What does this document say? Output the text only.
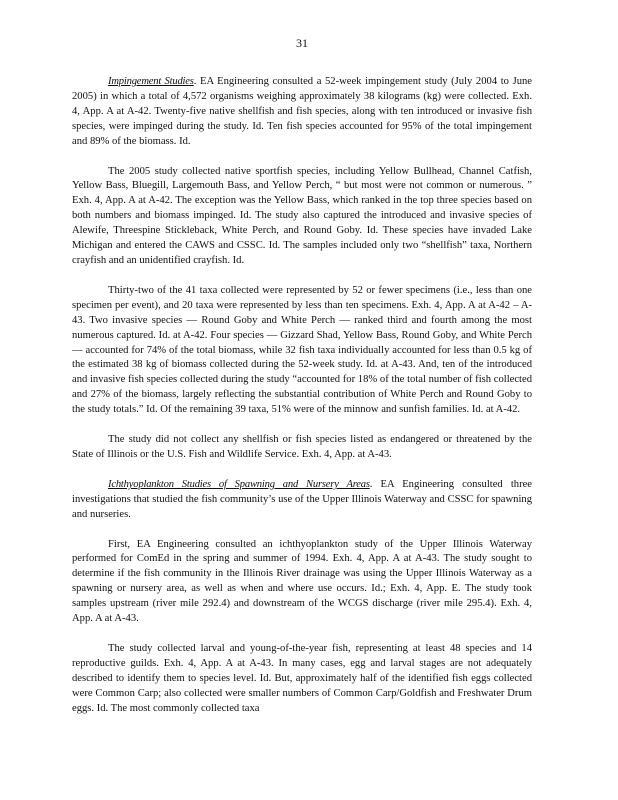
31

Impingement Studies. EA Engineering consulted a 52-week impingement study (July 2004 to June 2005) in which a total of 4,572 organisms weighing approximately 38 kilograms (kg) were collected. Exh. 4, App. A at A-42. Twenty-five native shellfish and fish species, along with ten introduced or invasive fish species, were impinged during the study. Id. Ten fish species accounted for 95% of the total impingement and 89% of the biomass. Id.

The 2005 study collected native sportfish species, including Yellow Bullhead, Channel Catfish, Yellow Bass, Bluegill, Largemouth Bass, and Yellow Perch, “ but most were not common or numerous. ” Exh. 4, App. A at A-42. The exception was the Yellow Bass, which ranked in the top three species based on both numbers and biomass impinged. Id. The study also captured the introduced and invasive species of Alewife, Threespine Stickleback, White Perch, and Round Goby. Id. These species have invaded Lake Michigan and entered the CAWS and CSSC. Id. The samples included only two “shellfish” taxa, Northern crayfish and an unidentified crayfish. Id.

Thirty-two of the 41 taxa collected were represented by 52 or fewer specimens (i.e., less than one specimen per event), and 20 taxa were represented by less than ten specimens. Exh. 4, App. A at A-42 – A-43. Two invasive species — Round Goby and White Perch — ranked third and fourth among the most numerous captured. Id. at A-42. Four species — Gizzard Shad, Yellow Bass, Round Goby, and White Perch — accounted for 74% of the total biomass, while 32 fish taxa individually accounted for less than 0.5 kg of the estimated 38 kg of biomass collected during the 52-week study. Id. at A-43. And, ten of the introduced and invasive fish species collected during the study “accounted for 18% of the total number of fish collected and 27% of the biomass, largely reflecting the substantial contribution of White Perch and Round Goby to the study totals.” Id. Of the remaining 39 taxa, 51% were of the minnow and sunfish families. Id. at A-42.

The study did not collect any shellfish or fish species listed as endangered or threatened by the State of Illinois or the U.S. Fish and Wildlife Service. Exh. 4, App. at A-43.

Ichthyoplankton Studies of Spawning and Nursery Areas. EA Engineering consulted three investigations that studied the fish community’s use of the Upper Illinois Waterway and CSSC for spawning and nurseries.

First, EA Engineering consulted an ichthyoplankton study of the Upper Illinois Waterway performed for ComEd in the spring and summer of 1994. Exh. 4, App. A at A-43. The study sought to determine if the fish community in the Illinois River drainage was using the Upper Illinois Waterway as a spawning or nursery area, as well as when and where use occurs. Id.; Exh. 4, App. E. The study took samples upstream (river mile 292.4) and downstream of the WCGS discharge (river mile 295.4). Exh. 4, App. A at A-43.

The study collected larval and young-of-the-year fish, representing at least 48 species and 14 reproductive guilds. Exh. 4, App. A at A-43. In many cases, egg and larval stages are not adequately described to identify them to species level. Id. But, approximately half of the identified fish eggs collected were Common Carp; also collected were smaller numbers of Common Carp/Goldfish and Freshwater Drum eggs. Id. The most commonly collected taxa
